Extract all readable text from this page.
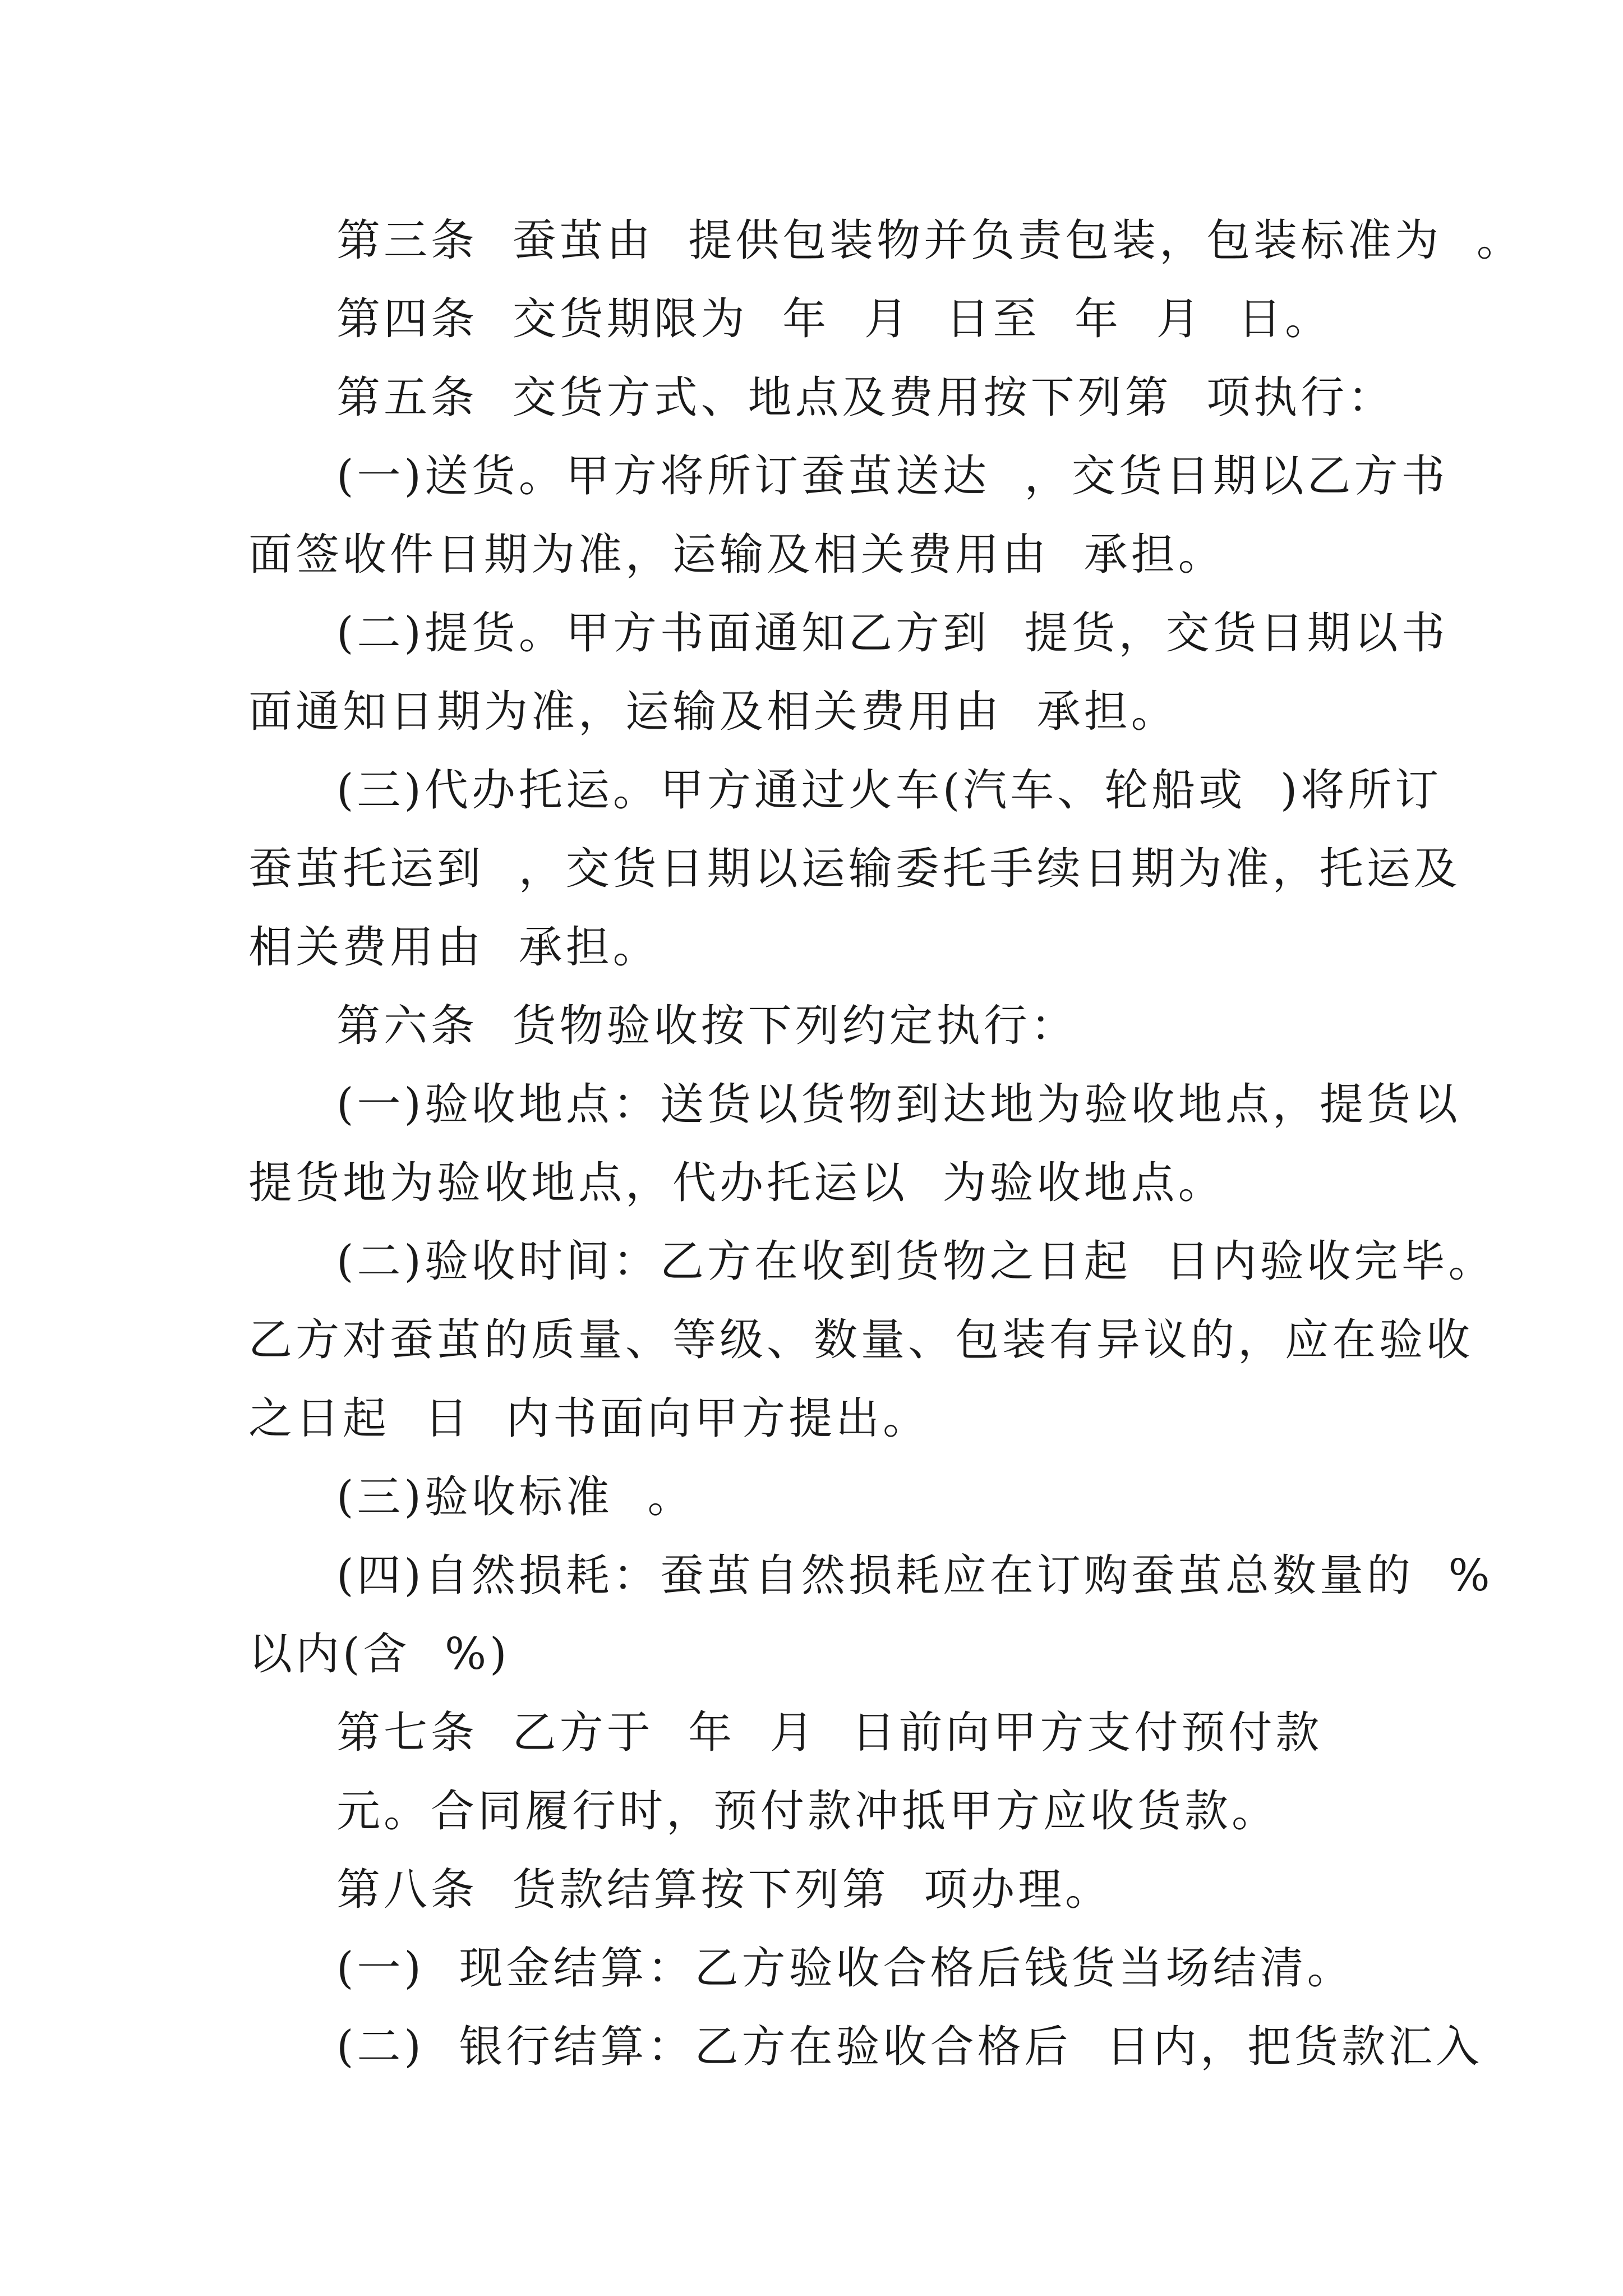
第三条  蚕茧由  提供包装物并负责包装，包装标准为  。

第四条  交货期限为  年  月  日至  年  月  日。

第五条  交货方式、地点及费用按下列第  项执行：

(一)送货。甲方将所订蚕茧送达  ，交货日期以乙方书

面签收件日期为准，运输及相关费用由  承担。

(二)提货。甲方书面通知乙方到  提货，交货日期以书

面通知日期为准，运输及相关费用由  承担。

(三)代办托运。甲方通过火车(汽车、轮船或  )将所订

蚕茧托运到  ，交货日期以运输委托手续日期为准，托运及

相关费用由  承担。

第六条  货物验收按下列约定执行：

(一)验收地点：送货以货物到达地为验收地点，提货以

提货地为验收地点，代办托运以  为验收地点。

(二)验收时间：乙方在收到货物之日起  日内验收完毕。

乙方对蚕茧的质量、等级、数量、包装有异议的，应在验收

之日起  日  内书面向甲方提出。

(三)验收标准  。

(四)自然损耗：蚕茧自然损耗应在订购蚕茧总数量的  %

以内(含  %)

第七条  乙方于  年  月  日前向甲方支付预付款

元。合同履行时，预付款冲抵甲方应收货款。

第八条  货款结算按下列第  项办理。

(一)  现金结算：乙方验收合格后钱货当场结清。

(二)  银行结算：乙方在验收合格后  日内，把货款汇入
